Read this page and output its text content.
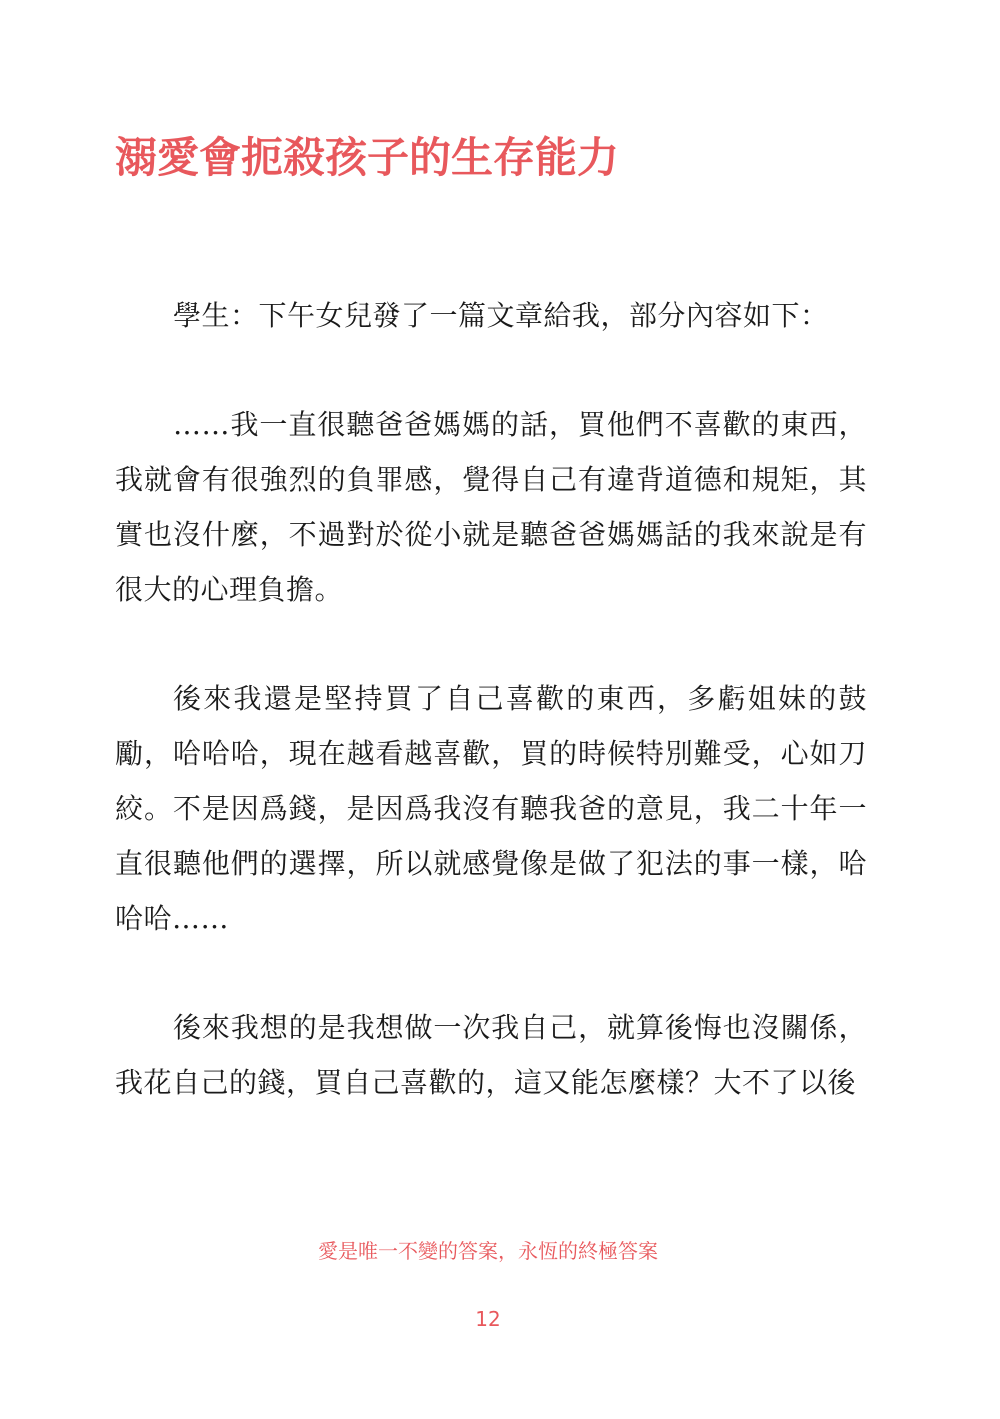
溺愛會扼殺孩子的生存能力

學生：下午女兒發了一篇文章給我，部分內容如下：

……我一直很聽爸爸媽媽的話，買他們不喜歡的東西，我就會有很強烈的負罪感，覺得自己有違背道德和規矩，其實也沒什麼，不過對於從小就是聽爸爸媽媽話的我來說是有很大的心理負擔。

後來我還是堅持買了自己喜歡的東西，多虧姐妹的鼓勵，哈哈哈，現在越看越喜歡，買的時候特別難受，心如刀絞。不是因爲錢，是因爲我沒有聽我爸的意見，我二十年一直很聽他們的選擇，所以就感覺像是做了犯法的事一樣，哈哈哈……

後來我想的是我想做一次我自己，就算後悔也沒關係，我花自己的錢，買自己喜歡的，這又能怎麼樣？大不了以後

愛是唯一不變的答案，永恆的終極答案

12
